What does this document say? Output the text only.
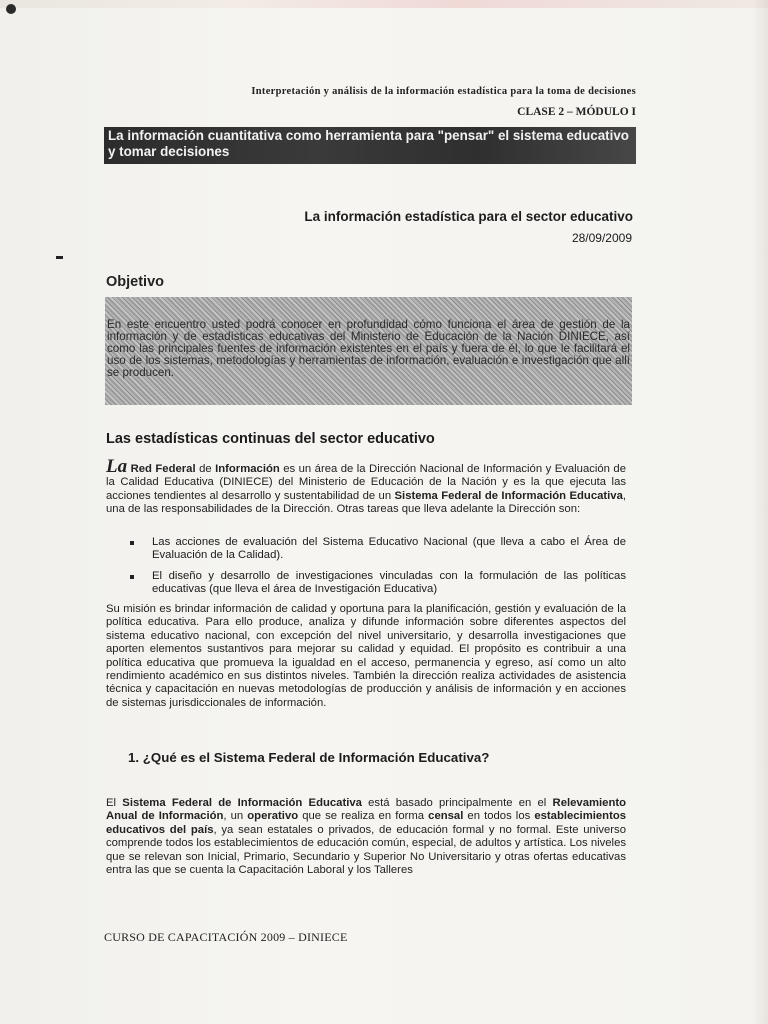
Interpretación y análisis de la información estadística para la toma de decisiones
CLASE 2 – MÓDULO I
La información cuantitativa como herramienta para "pensar" el sistema educativo y tomar decisiones
La información estadística para el sector educativo
28/09/2009
Objetivo
En este encuentro usted podrá conocer en profundidad cómo funciona el área de gestión de la información y de estadísticas educativas del Ministerio de Educación de la Nación DINIECE, así como las principales fuentes de información existentes en el país y fuera de él, lo que le facilitará el uso de los sistemas, metodologías y herramientas de información, evaluación e investigación que allí se producen.
Las estadísticas continuas del sector educativo
La Red Federal de Información es un área de la Dirección Nacional de Información y Evaluación de la Calidad Educativa (DINIECE) del Ministerio de Educación de la Nación y es la que ejecuta las acciones tendientes al desarrollo y sustentabilidad de un Sistema Federal de Información Educativa, una de las responsabilidades de la Dirección. Otras tareas que lleva adelante la Dirección son:
Las acciones de evaluación del Sistema Educativo Nacional (que lleva a cabo el Área de Evaluación de la Calidad).
El diseño y desarrollo de investigaciones vinculadas con la formulación de las políticas educativas (que lleva el área de Investigación Educativa)
Su misión es brindar información de calidad y oportuna para la planificación, gestión y evaluación de la política educativa. Para ello produce, analiza y difunde información sobre diferentes aspectos del sistema educativo nacional, con excepción del nivel universitario, y desarrolla investigaciones que aporten elementos sustantivos para mejorar su calidad y equidad. El propósito es contribuir a una política educativa que promueva la igualdad en el acceso, permanencia y egreso, así como un alto rendimiento académico en sus distintos niveles. También la dirección realiza actividades de asistencia técnica y capacitación en nuevas metodologías de producción y análisis de información y en acciones de sistemas jurisdiccionales de información.
1. ¿Qué es el Sistema Federal de Información Educativa?
El Sistema Federal de Información Educativa está basado principalmente en el Relevamiento Anual de Información, un operativo que se realiza en forma censal en todos los establecimientos educativos del país, ya sean estatales o privados, de educación formal y no formal. Este universo comprende todos los establecimientos de educación común, especial, de adultos y artística. Los niveles que se relevan son Inicial, Primario, Secundario y Superior No Universitario y otras ofertas educativas entra las que se cuenta la Capacitación Laboral y los Talleres
CURSO DE CAPACITACIÓN 2009 – DINIECE
